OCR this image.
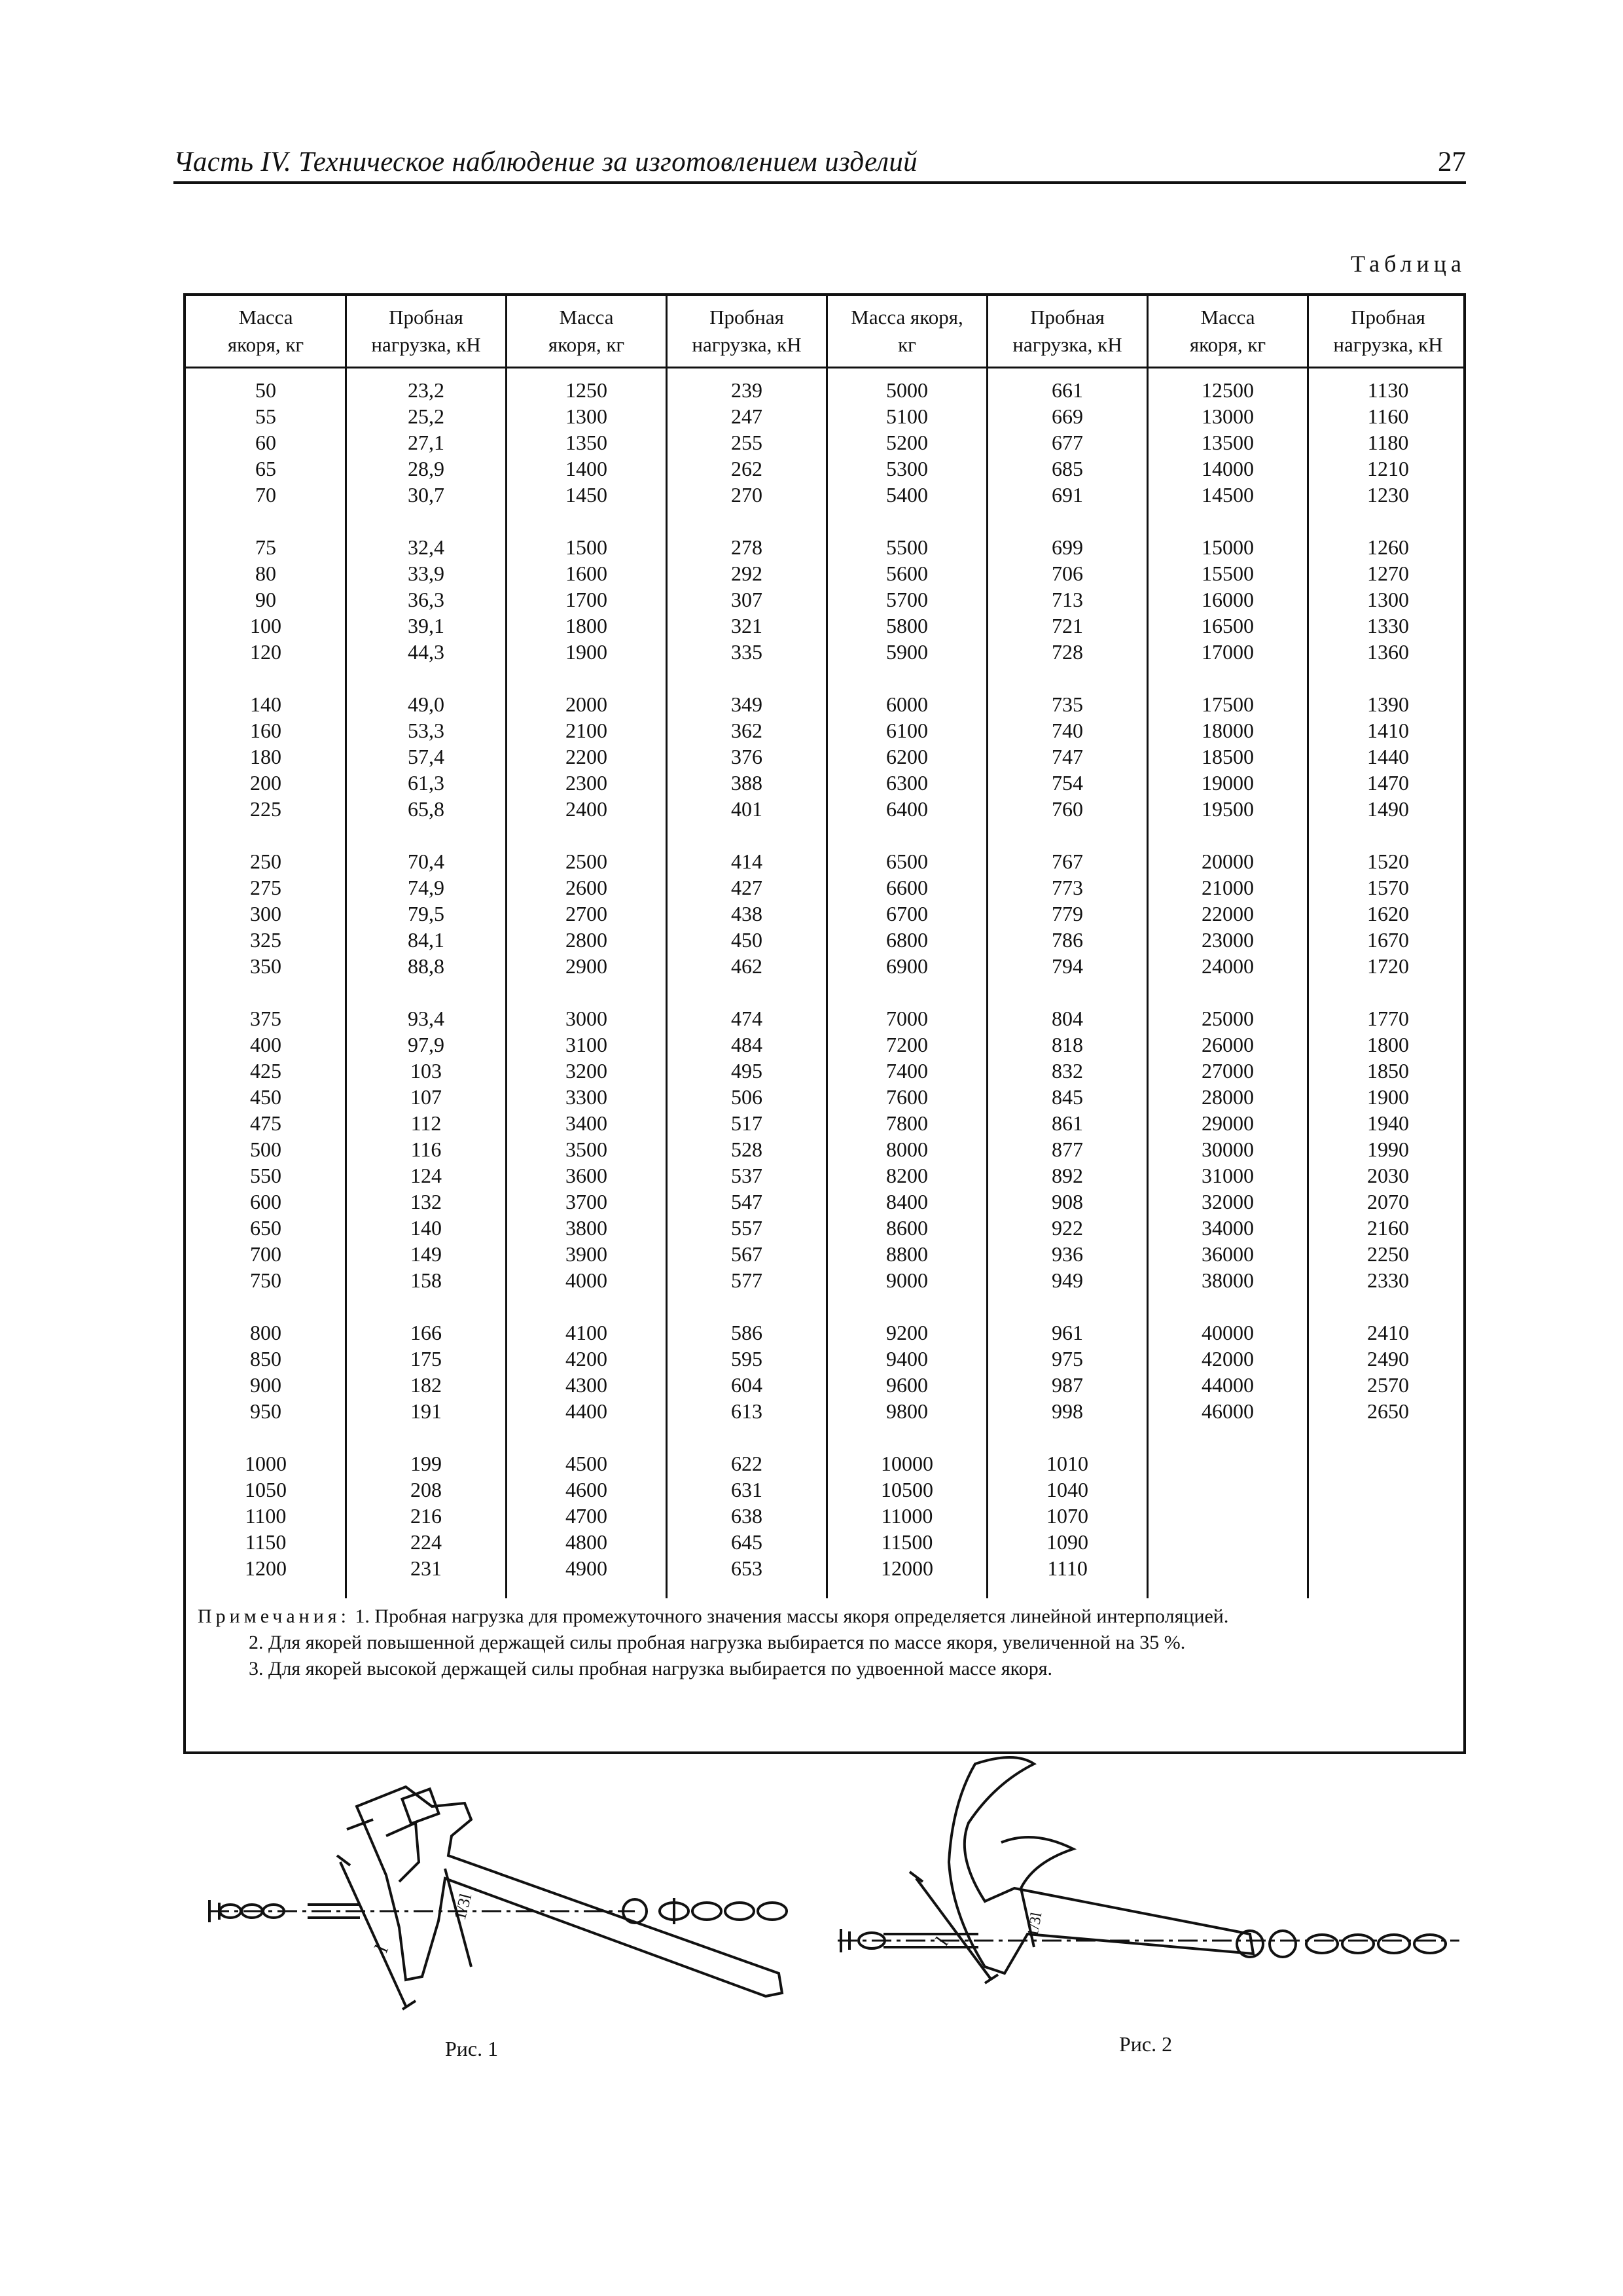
Часть IV. Техническое наблюдение за изготовлением изделий	27
Таблица
Масса
якоря, кг
Пробная
нагрузка, кН
Масса
якоря, кг
Пробная
нагрузка, кН
Масса якоря,
кг
Пробная
нагрузка, кН
Масса
якоря, кг
Пробная
нагрузка, кН
50
55
60
65
70
75
80
90
100
120
140
160
180
200
225
250
275
300
325
350
375
400
425
450
475
500
550
600
650
700
750
800
850
900
950
1000
1050
1100
1150
1200
23,2
25,2
27,1
28,9
30,7
32,4
33,9
36,3
39,1
44,3
49,0
53,3
57,4
61,3
65,8
70,4
74,9
79,5
84,1
88,8
93,4
97,9
103
107
112
116
124
132
140
149
158
166
175
182
191
199
208
216
224
231
1250
1300
1350
1400
1450
1500
1600
1700
1800
1900
2000
2100
2200
2300
2400
2500
2600
2700
2800
2900
3000
3100
3200
3300
3400
3500
3600
3700
3800
3900
4000
4100
4200
4300
4400
4500
4600
4700
4800
4900
239
247
255
262
270
278
292
307
321
335
349
362
376
388
401
414
427
438
450
462
474
484
495
506
517
528
537
547
557
567
577
586
595
604
613
622
631
638
645
653
5000
5100
5200
5300
5400
5500
5600
5700
5800
5900
6000
6100
6200
6300
6400
6500
6600
6700
6800
6900
7000
7200
7400
7600
7800
8000
8200
8400
8600
8800
9000
9200
9400
9600
9800
10000
10500
11000
11500
12000
661
669
677
685
691
699
706
713
721
728
735
740
747
754
760
767
773
779
786
794
804
818
832
845
861
877
892
908
922
936
949
961
975
987
998
1010
1040
1070
1090
1110
12500
13000
13500
14000
14500
15000
15500
16000
16500
17000
17500
18000
18500
19000
19500
20000
21000
22000
23000
24000
25000
26000
27000
28000
29000
30000
31000
32000
34000
36000
38000
40000
42000
44000
46000
1130
1160
1180
1210
1230
1260
1270
1300
1330
1360
1390
1410
1440
1470
1490
1520
1570
1620
1670
1720
1770
1800
1850
1900
1940
1990
2030
2070
2160
2250
2330
2410
2490
2570
2650
Примечания: 1. Пробная нагрузка для промежуточного значения массы якоря определяется линейной интерполяцией.
2. Для якорей повышенной держащей силы пробная нагрузка выбирается по массе якоря, увеличенной на 35 %.
3. Для якорей высокой держащей силы пробная нагрузка выбирается по удвоенной массе якоря.
l
1/3l
Рис. 1
l
1/3l
Рис. 2
